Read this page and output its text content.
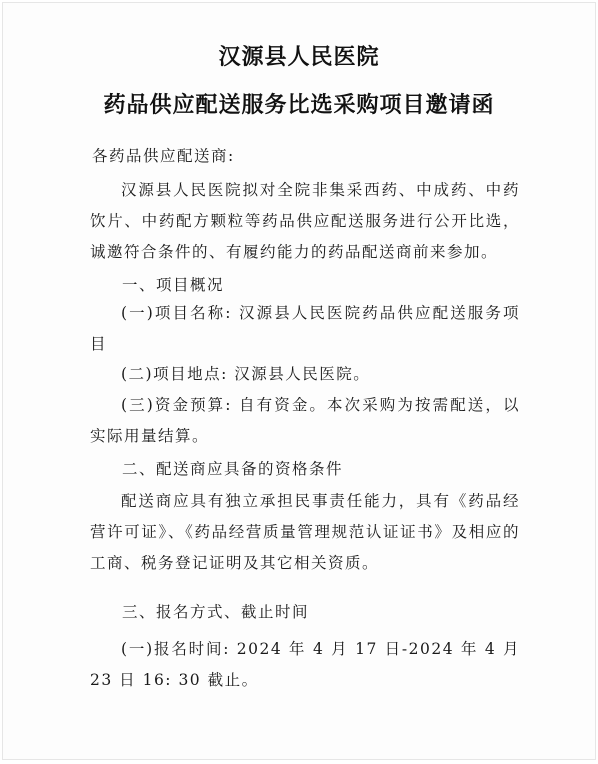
汉源县人民医院
药品供应配送服务比选采购项目邀请函
各药品供应配送商:

汉源县人民医院拟对全院非集采西药、中成药、中药饮片、中药配方颗粒等药品供应配送服务进行公开比选，诚邀符合条件的、有履约能力的药品配送商前来参加。

一、项目概况

(一)项目名称: 汉源县人民医院药品供应配送服务项目

(二)项目地点: 汉源县人民医院。

(三)资金预算: 自有资金。本次采购为按需配送，以实际用量结算。

二、配送商应具备的资格条件

配送商应具有独立承担民事责任能力，具有《药品经营许可证》、《药品经营质量管理规范认证证书》及相应的工商、税务登记证明及其它相关资质。

三、报名方式、截止时间

(一)报名时间: 2024 年 4 月 17 日-2024 年 4 月 23 日 16: 30 截止。
